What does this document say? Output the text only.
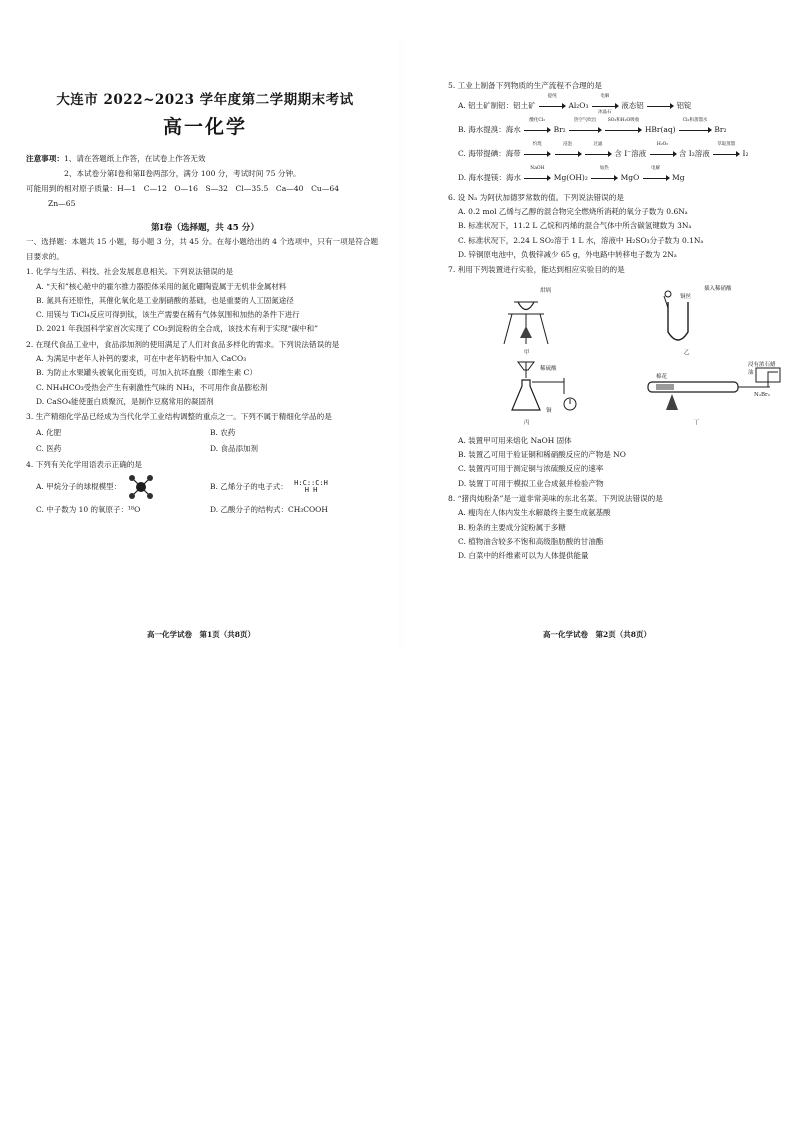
大连市 2022~2023 学年度第二学期期末考试
高一化学
注意事项：1、请在答题纸上作答，在试卷上作答无效
2、本试卷分第Ⅰ卷和第Ⅱ卷两部分，满分 100 分，考试时间 75 分钟。
可能用到的相对原子质量：H—1　C—12　O—16　S—32　Cl—35.5　Ca—40　Cu—64
Zn—65
第Ⅰ卷（选择题，共 45 分）
一、选择题：本题共 15 小题，每小题 3 分，共 45 分。在每小题给出的 4 个选项中，只有一项是符合题目要求的。
1. 化学与生活、科技、社会发展息息相关。下列说法错误的是
A. “天和”核心舱中的霍尔推力器腔体采用的氮化硼陶瓷属于无机非金属材料
B. 氮具有还原性，其催化氧化是工业制硝酸的基础，也是重要的人工固氮途径
C. 用镁与 TiCl₄反应可得到钛，该生产需要在稀有气体氛围和加热的条件下进行
D. 2021 年我国科学家首次实现了 CO₂到淀粉的全合成，该技术有利于实现“碳中和”
2. 在现代食品工业中，食品添加剂的使用满足了人们对食品多样化的需求。下列说法错误的是
A. 为满足中老年人补钙的要求，可在中老年奶粉中加入 CaCO₃
B. 为防止水果罐头被氧化而变质，可加入抗坏血酸（即维生素 C）
C. NH₄HCO₃受热会产生有刺激性气味的 NH₃，不可用作食品膨松剂
D. CaSO₄能使蛋白质聚沉，是制作豆腐常用的凝固剂
3. 生产精细化学品已经成为当代化学工业结构调整的重点之一。下列不属于精细化学品的是
A. 化肥	B. 农药
C. 医药	D. 食品添加剂
4. 下列有关化学用语表示正确的是
A. 甲烷分子的球棍模型：	B. 乙烯分子的电子式： H:C::C:H
H H
C. 中子数为 10 的氧原子：¹⁸O	D. 乙酸分子的结构式：CH₃COOH
高一化学试卷　第1页（共8页）
5. 工业上制备下列物质的生产流程不合理的是
A. 铝土矿制铝：铝土矿
提纯
Al₂O₃
电解
冰晶石
液态铝	铝锭
B. 海水提溴：海水
酸化Cl₂
Br₂
热空气吹出
	SO₂和H₂O吸收
HBr(aq)
Cl₂和蒸馏水
Br₂
C. 海带提碘：海带
灼烧
	浸泡
	过滤
含 I⁻溶液
H₂O₂
含 I₂溶液
萃取蒸馏
I₂
D. 海水提镁：海水
NaOH
Mg(OH)₂
加热
MgO
电解
Mg
6. 设 Nₐ 为阿伏加德罗常数的值。下列说法错误的是
A. 0.2 mol 乙烯与乙醇的混合物完全燃烧所消耗的氧分子数为 0.6Nₐ
B. 标准状况下，11.2 L 乙烷和丙烯的混合气体中所含碳氢键数为 3Nₐ
C. 标准状况下，2.24 L SO₂溶于 1 L 水，溶液中 H₂SO₃分子数为 0.1Nₐ
D. 锌铜原电池中，负极锌减少 65 g，外电路中转移电子数为 2Nₐ
7. 利用下列装置进行实验，能达到相应实验目的的是
坩埚
甲
铜丝
插入稀硝酸
乙
稀硫酸
铜
丙
棉花
浸有浓石蜡油
N₂Br₂
丁
A. 装置甲可用来熔化 NaOH 固体
B. 装置乙可用于验证铜和稀硝酸反应的产物是 NO
C. 装置丙可用于测定铜与浓硫酸反应的速率
D. 装置丁可用于模拟工业合成氨并检验产物
8. “猪肉炖粉条”是一道非常美味的东北名菜。下列说法错误的是
A. 瘦肉在人体内发生水解最终主要生成氨基酸
B. 粉条的主要成分淀粉属于多糖
C. 植物油含较多不饱和高级脂肪酸的甘油酯
D. 白菜中的纤维素可以为人体提供能量
高一化学试卷　第2页（共8页）
